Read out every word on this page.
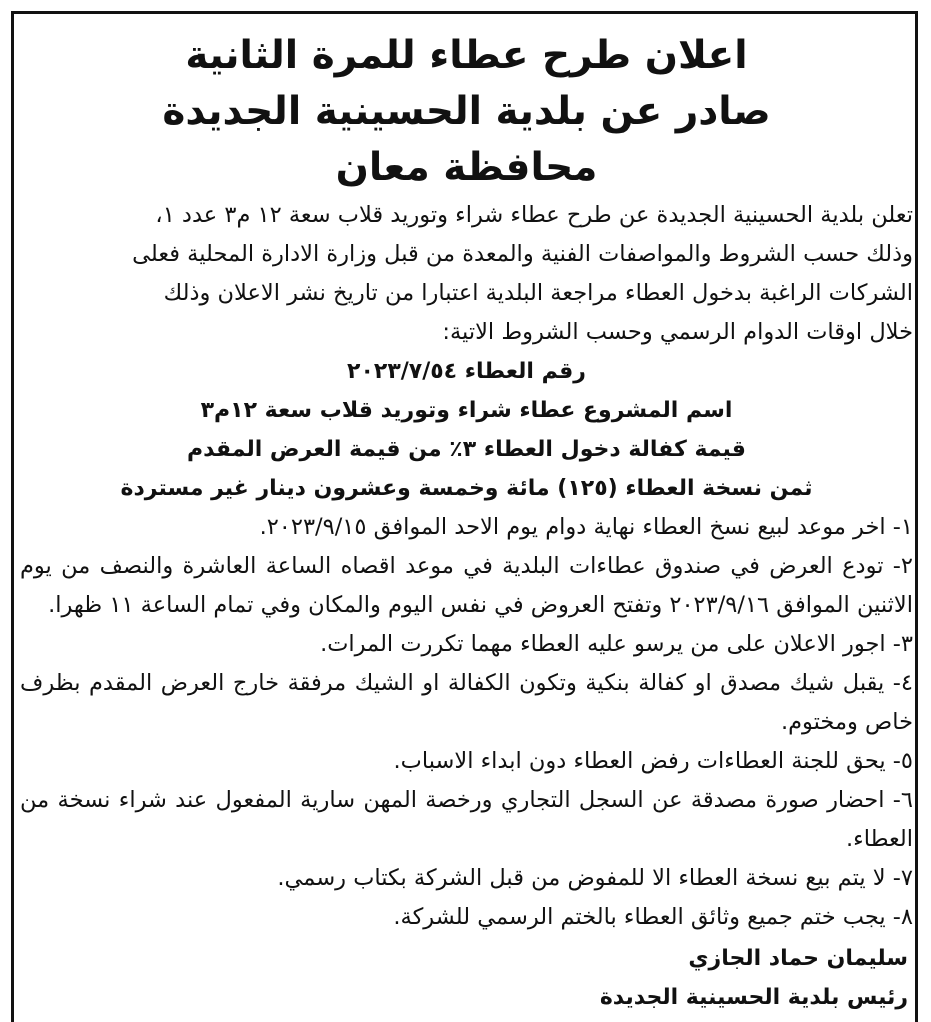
اعلان طرح عطاء للمرة الثانية

صادر عن بلدية الحسينية الجديدة

محافظة معان

تعلن بلدية الحسينية الجديدة عن طرح عطاء شراء وتوريد قلاب سعة ١٢ م٣ عدد ١،

وذلك حسب الشروط والمواصفات الفنية والمعدة من قبل وزارة الادارة المحلية فعلى

الشركات الراغبة بدخول العطاء مراجعة البلدية اعتبارا من تاريخ نشر الاعلان وذلك

خلال اوقات الدوام الرسمي وحسب الشروط الاتية:

رقم العطاء ٢٠٢٣/٧/٥٤

اسم المشروع عطاء شراء وتوريد قلاب سعة ١٢م٣

قيمة كفالة دخول العطاء ٣٪ من قيمة العرض المقدم

ثمن نسخة العطاء (١٢٥) مائة وخمسة وعشرون دينار غير مستردة

١- اخر موعد لبيع نسخ العطاء نهاية دوام يوم الاحد الموافق ٢٠٢٣/٩/١٥.

٢- تودع العرض في صندوق عطاءات البلدية في موعد اقصاه الساعة العاشرة والنصف من يوم الاثنين الموافق ٢٠٢٣/٩/١٦ وتفتح العروض في نفس اليوم والمكان وفي تمام الساعة ١١ ظهرا.

٣- اجور الاعلان على من يرسو عليه العطاء مهما تكررت المرات.

٤- يقبل شيك مصدق او كفالة بنكية وتكون الكفالة او الشيك مرفقة خارج العرض المقدم بظرف خاص ومختوم.

٥- يحق للجنة العطاءات رفض العطاء دون ابداء الاسباب.

٦- احضار صورة مصدقة عن السجل التجاري ورخصة المهن سارية المفعول عند شراء نسخة من العطاء.

٧- لا يتم بيع نسخة العطاء الا للمفوض من قبل الشركة بكتاب رسمي.

٨- يجب ختم جميع وثائق العطاء بالختم الرسمي للشركة.

سليمان حماد الجازي

رئيس بلدية الحسينية الجديدة
